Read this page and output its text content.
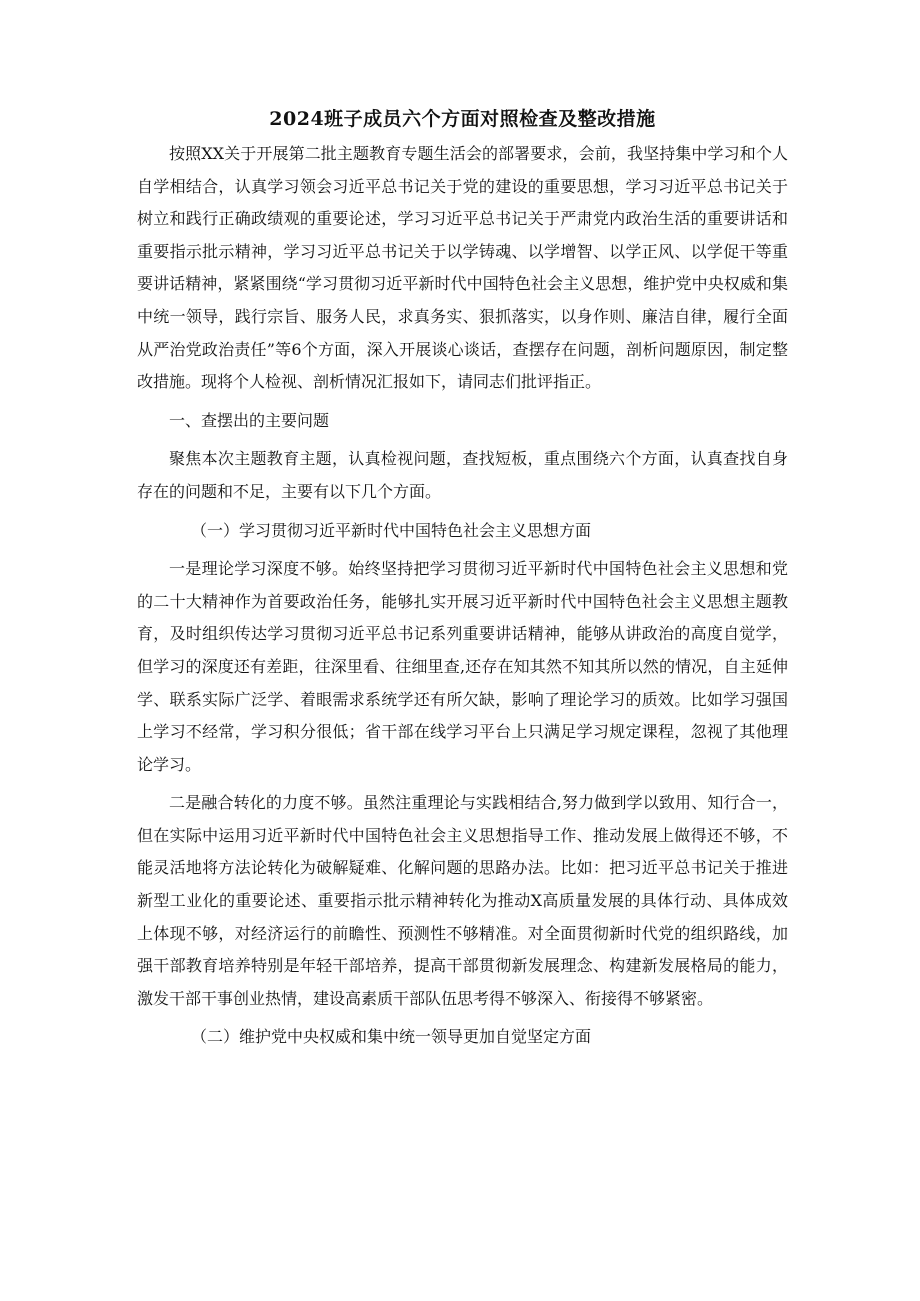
2024班子成员六个方面对照检查及整改措施

按照XX关于开展第二批主题教育专题生活会的部署要求，会前，我坚持集中学习和个人自学相结合，认真学习领会习近平总书记关于党的建设的重要思想，学习习近平总书记关于树立和践行正确政绩观的重要论述，学习习近平总书记关于严肃党内政治生活的重要讲话和重要指示批示精神，学习习近平总书记关于以学铸魂、以学增智、以学正风、以学促干等重要讲话精神，紧紧围绕“学习贯彻习近平新时代中国特色社会主义思想，维护党中央权威和集中统一领导，践行宗旨、服务人民，求真务实、狠抓落实，以身作则、廉洁自律，履行全面从严治党政治责任”等6个方面，深入开展谈心谈话，查摆存在问题，剖析问题原因，制定整改措施。现将个人检视、剖析情况汇报如下，请同志们批评指正。

一、查摆出的主要问题

聚焦本次主题教育主题，认真检视问题，查找短板，重点围绕六个方面，认真查找自身存在的问题和不足，主要有以下几个方面。

（一）学习贯彻习近平新时代中国特色社会主义思想方面

一是理论学习深度不够。始终坚持把学习贯彻习近平新时代中国特色社会主义思想和党的二十大精神作为首要政治任务，能够扎实开展习近平新时代中国特色社会主义思想主题教育，及时组织传达学习贯彻习近平总书记系列重要讲话精神，能够从讲政治的高度自觉学，但学习的深度还有差距，往深里看、往细里查,还存在知其然不知其所以然的情况，自主延伸学、联系实际广泛学、着眼需求系统学还有所欠缺，影响了理论学习的质效。比如学习强国上学习不经常，学习积分很低；省干部在线学习平台上只满足学习规定课程，忽视了其他理论学习。

二是融合转化的力度不够。虽然注重理论与实践相结合,努力做到学以致用、知行合一，但在实际中运用习近平新时代中国特色社会主义思想指导工作、推动发展上做得还不够，不能灵活地将方法论转化为破解疑难、化解问题的思路办法。比如：把习近平总书记关于推进新型工业化的重要论述、重要指示批示精神转化为推动X高质量发展的具体行动、具体成效上体现不够，对经济运行的前瞻性、预测性不够精准。对全面贯彻新时代党的组织路线，加强干部教育培养特别是年轻干部培养，提高干部贯彻新发展理念、构建新发展格局的能力，激发干部干事创业热情，建设高素质干部队伍思考得不够深入、衔接得不够紧密。

（二）维护党中央权威和集中统一领导更加自觉坚定方面
